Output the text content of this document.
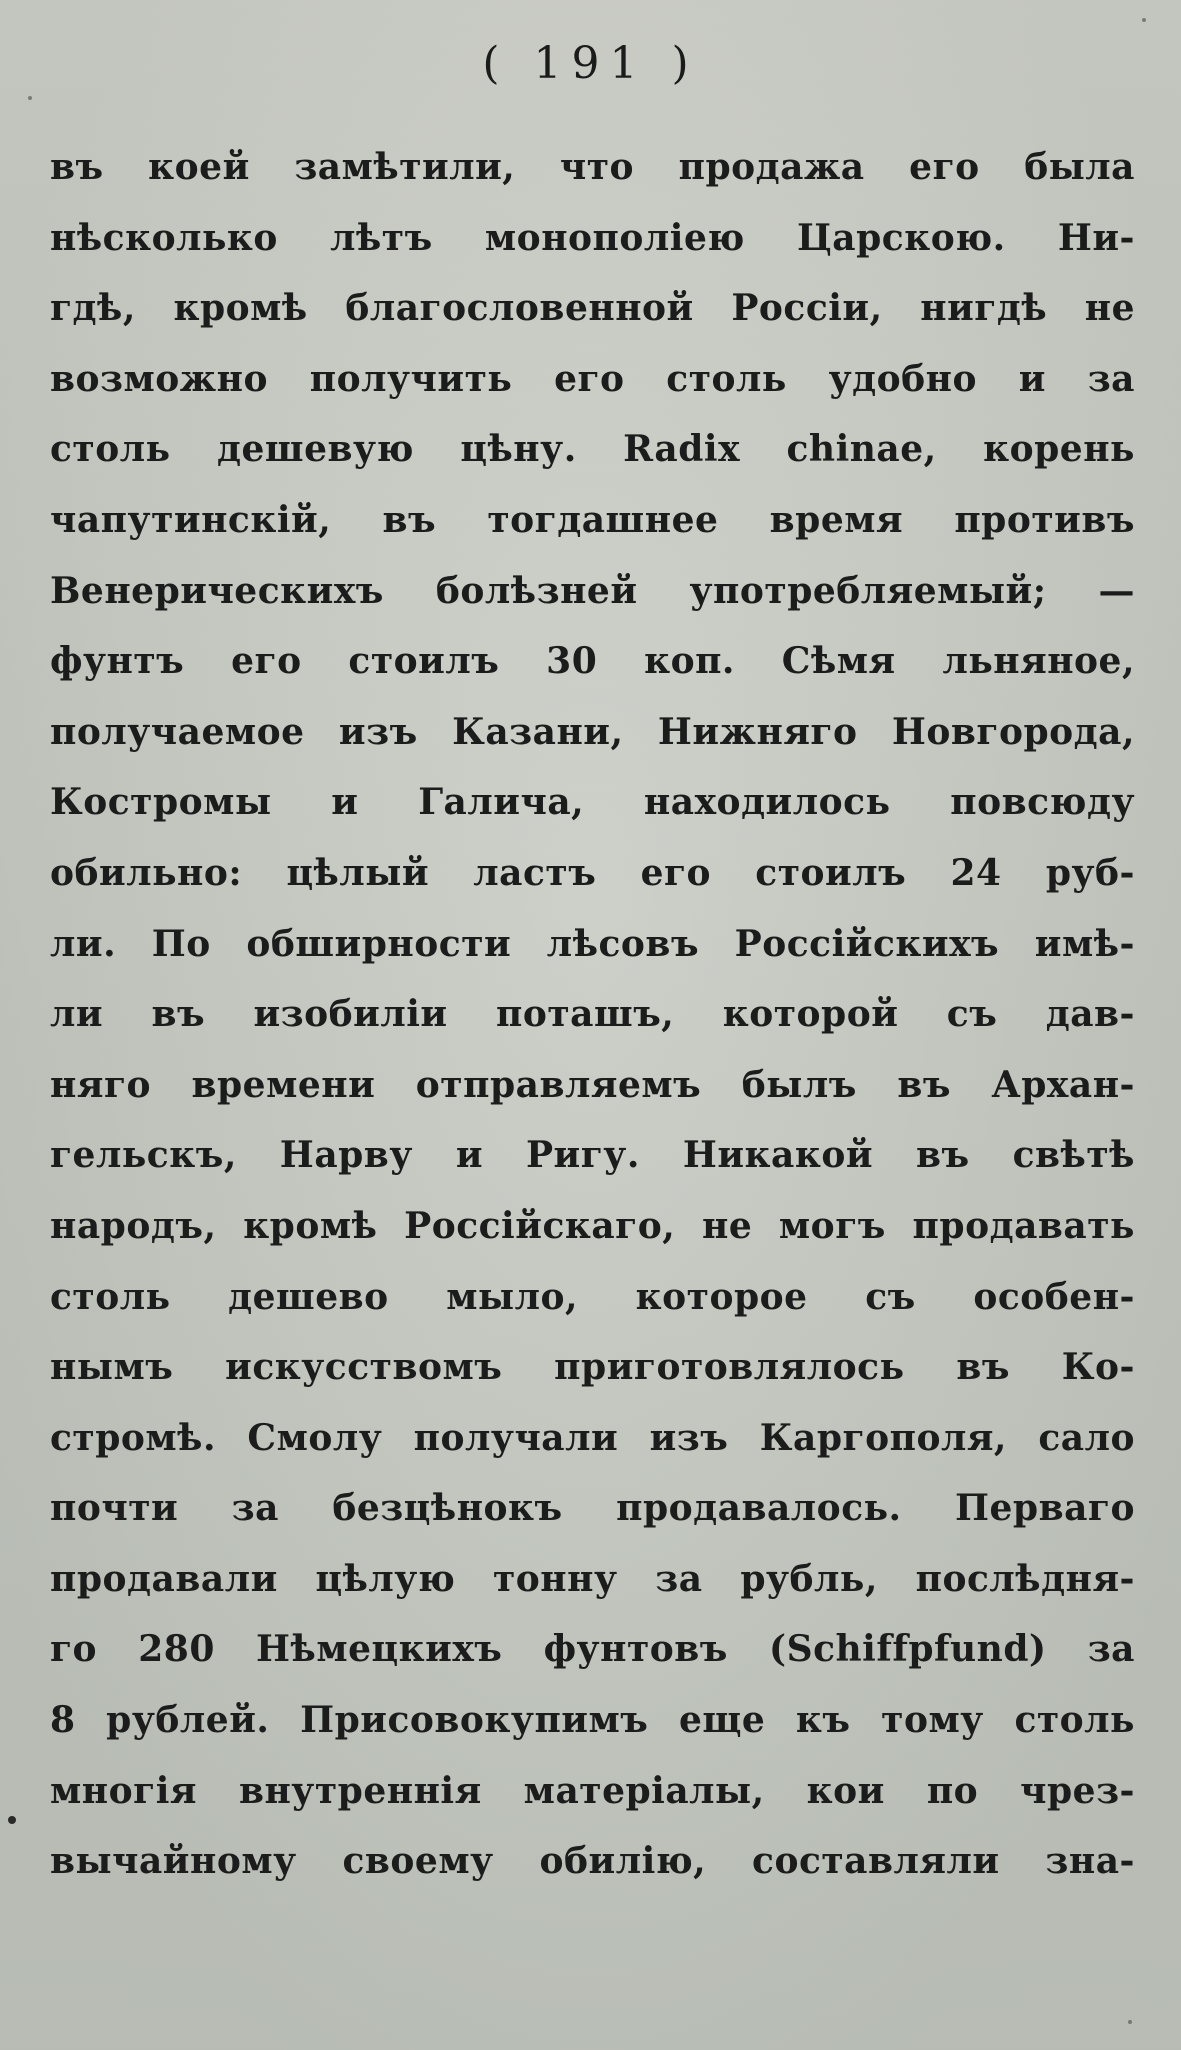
( 191 )
въ коей замѣтили, что продажа его была
нѣсколько лѣтъ монополіею Царскою. Ни-
гдѣ, кромѣ благословенной Россіи, нигдѣ не
возможно получить его столь удобно и за
столь дешевую цѣну. Radix chinae, корень
чапутинскій, въ тогдашнее время противъ
Венерическихъ болѣзней употребляемый; —
фунтъ его стоилъ 30 коп. Сѣмя льняное,
получаемое изъ Казани, Нижняго Новгорода,
Костромы и Галича, находилось повсюду
обильно: цѣлый ластъ его стоилъ 24 руб-
ли. По обширности лѣсовъ Россійскихъ имѣ-
ли въ изобиліи поташъ, которой съ дав-
няго времени отправляемъ былъ въ Архан-
гельскъ, Нарву и Ригу. Никакой въ свѣтѣ
народъ, кромѣ Россійскаго, не могъ продавать
столь дешево мыло, которое съ особен-
нымъ искусствомъ приготовлялось въ Ко-
стромѣ. Смолу получали изъ Каргополя, сало
почти за безцѣнокъ продавалось. Перваго
продавали цѣлую тонну за рубль, послѣдня-
го 280 Нѣмецкихъ фунтовъ (Schiffpfund) за
8 рублей. Присовокупимъ еще къ тому столь
многія внутреннія матеріалы, кои по чрез-
вычайному своему обилію, составляли зна-
